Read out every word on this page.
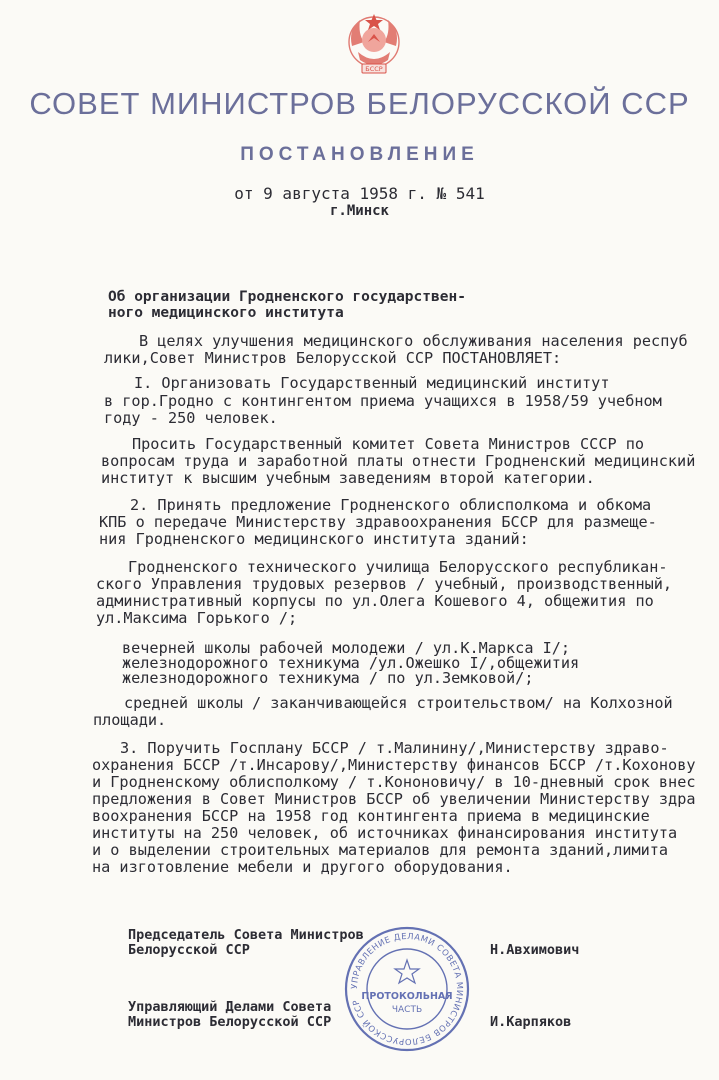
БССР
СОВЕТ МИНИСТРОВ БЕЛОРУССКОЙ ССР
ПОСТАНОВЛЕНИЕ
от 9 августа 1958 г. № 541
г.Минск
Об организации Гродненского государствен-
ного медицинского института
В целях улучшения медицинского обслуживания населения респуб
лики,Совет Министров Белорусской ССР ПОСТАНОВЛЯЕТ:
I. Организовать Государственный медицинский институт
в гор.Гродно с контингентом приема учащихся в 1958/59 учебном
году - 250 человек.
Просить Государственный комитет Совета Министров СССР по
вопросам труда и заработной платы отнести Гродненский медицинский
институт к высшим учебным заведениям второй категории.
2. Принять предложение Гродненского облисполкома и обкома
КПБ о передаче Министерству здравоохранения БССР для размеще-
ния Гродненского медицинского института зданий:
Гродненского технического училища Белорусского республикан-
ского Управления трудовых резервов / учебный, производственный,
административный корпусы по ул.Олега Кошевого 4, общежития по
ул.Максима Горького /;
вечерней школы рабочей молодежи / ул.К.Маркса I/;
железнодорожного техникума /ул.Ожешко I/,общежития
железнодорожного техникума / по ул.Земковой/;
средней школы / заканчивающейся строительством/ на Колхозной
площади.
3. Поручить Госплану БССР / т.Малинину/,Министерству здраво-
охранения БССР /т.Инсарову/,Министерству финансов БССР /т.Кохонову
и Гродненскому облисполкому / т.Кононовичу/ в 10-дневный срок внес
предложения в Совет Министров БССР об увеличении Министерству здра
воохранения БССР на 1958 год контингента приема в медицинские
институты на 250 человек, об источниках финансирования института
и о выделении строительных материалов для ремонта зданий,лимита
на изготовление мебели и другого оборудования.
Председатель Совета Министров
Белорусской ССР	Н.Авхимович
Управляющий Делами Совета
Министров Белорусской ССР	И.Карпяков
УПРАВЛЕНИЕ ДЕЛАМИ СОВЕТА МИНИСТРОВ БЕЛОРУССКОЙ ССР
ПРОТОКОЛЬНАЯ
ЧАСТЬ
